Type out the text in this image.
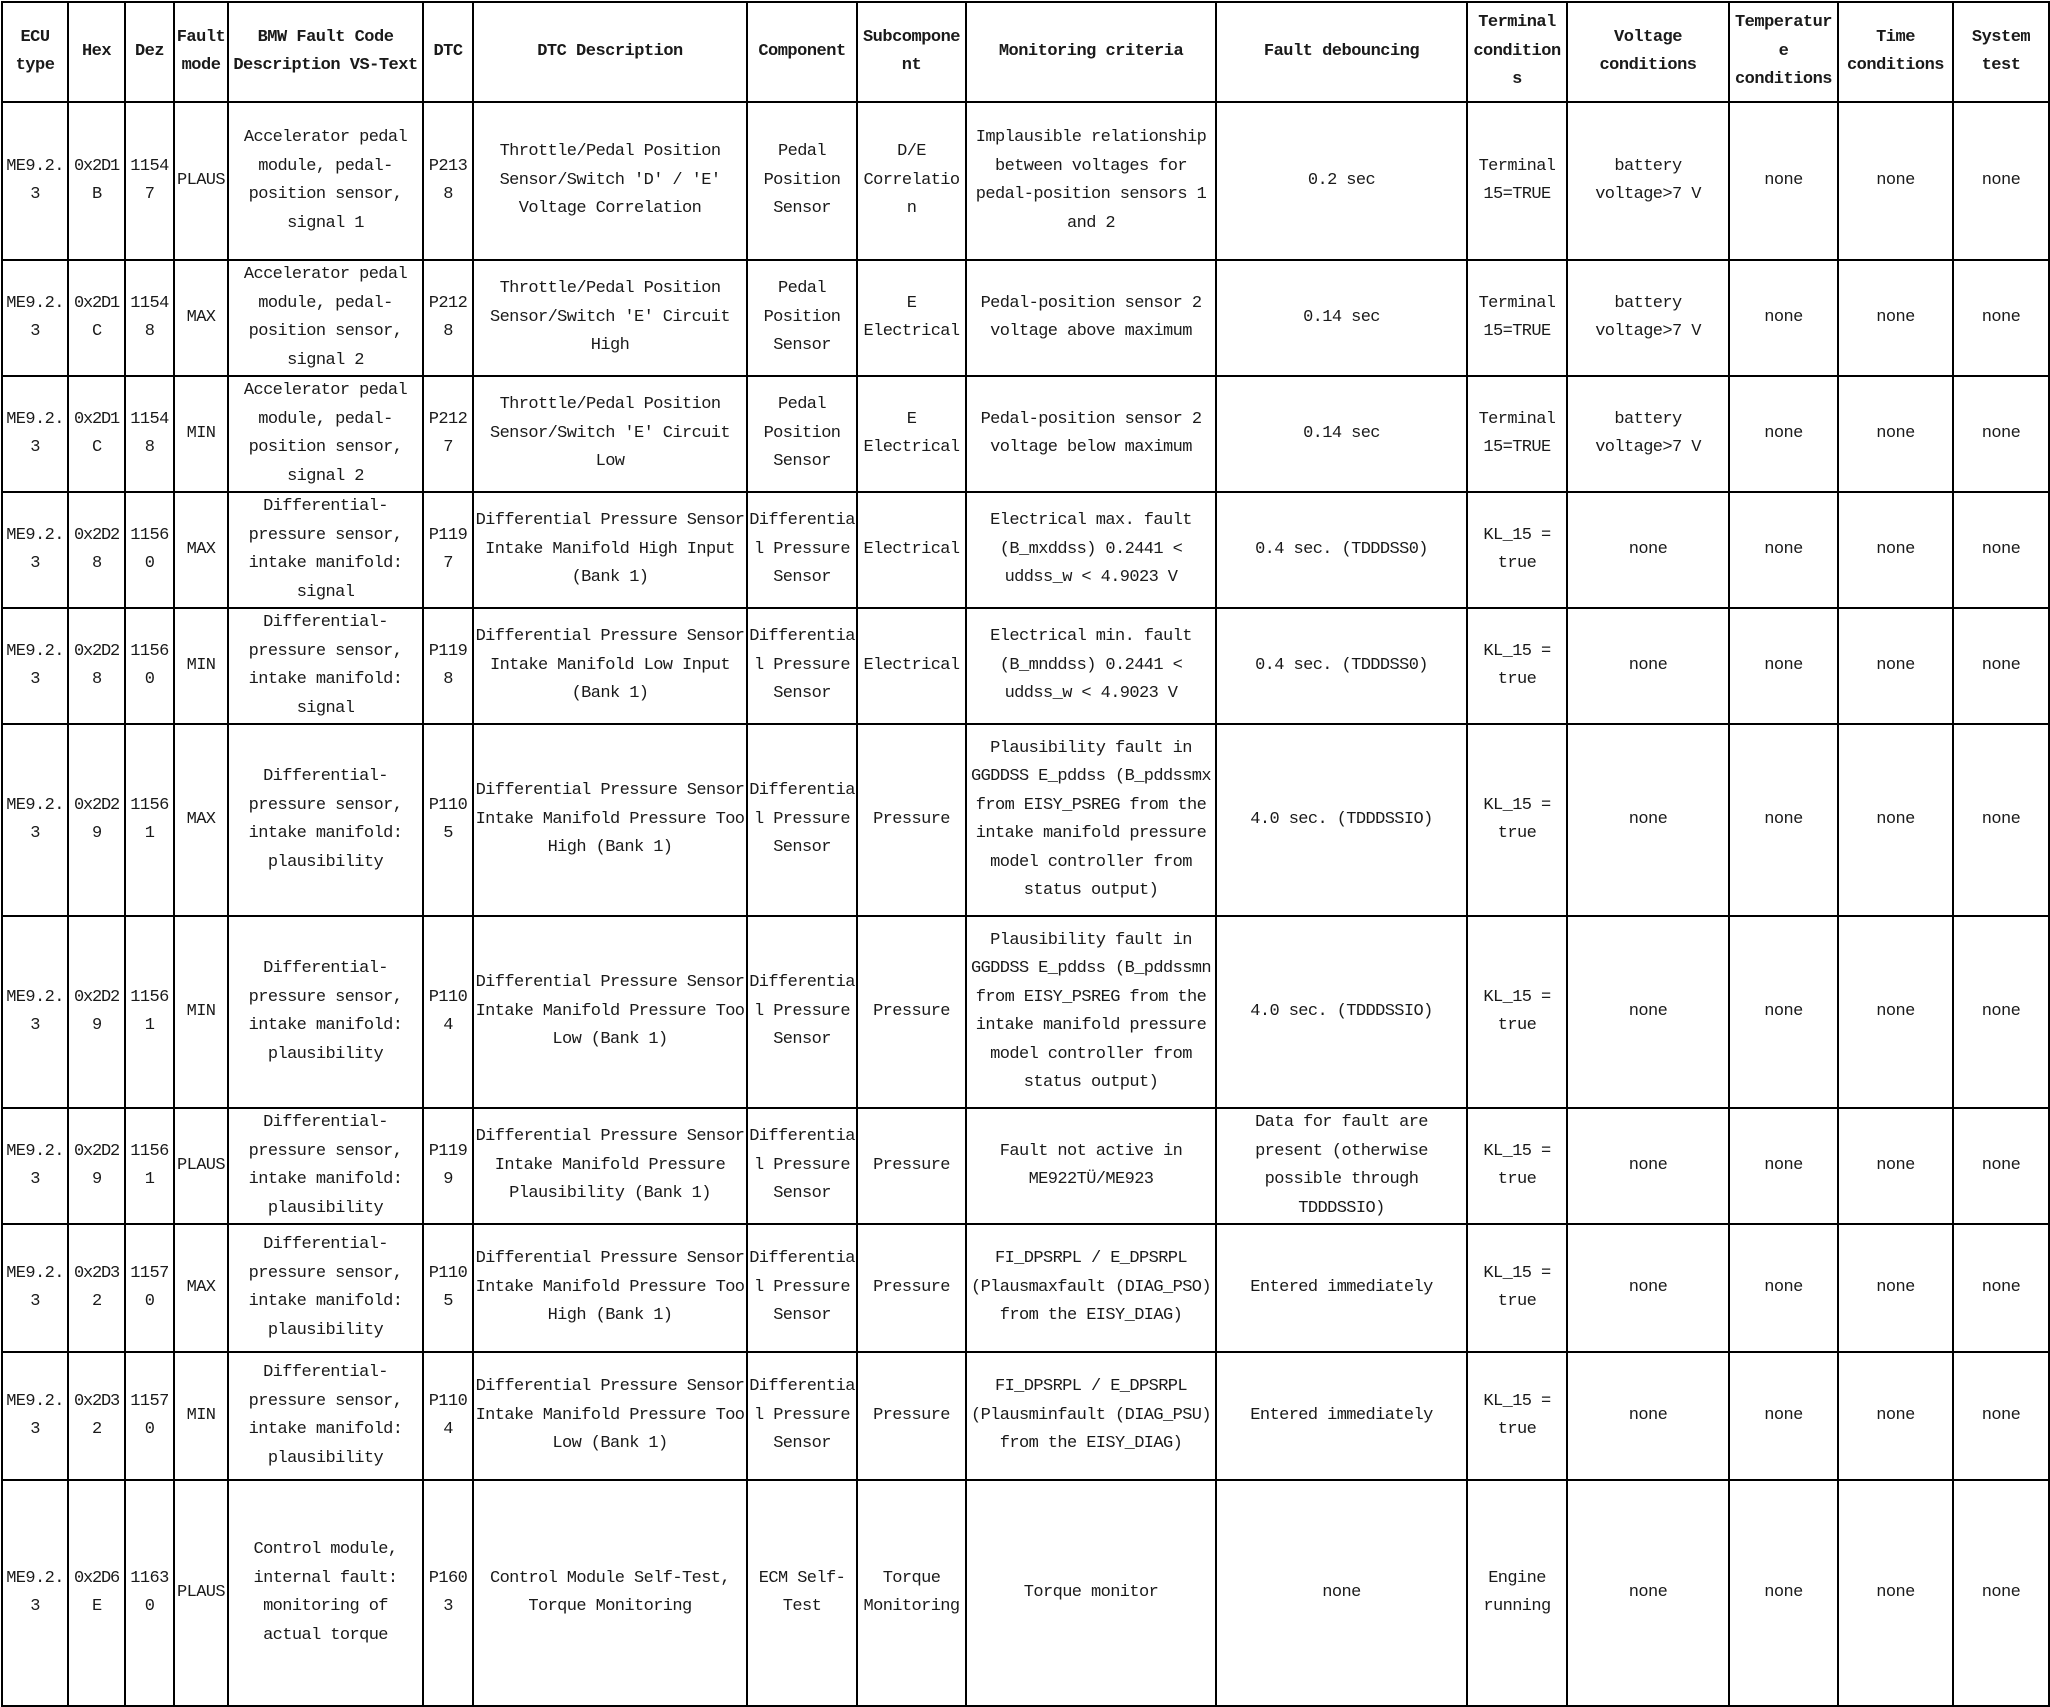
ECU type	Hex	Dez	Fault mode	BMW Fault Code Description VS-Text	DTC	DTC Description	Component	Subcomponent	Monitoring criteria	Fault debouncing	Terminal conditions	Voltage conditions	Temperature conditions	Time conditions	System test
ME9.2.3	0x2D1B	11547	PLAUS	Accelerator pedal module, pedal-position sensor, signal 1	P2138	Throttle/Pedal Position Sensor/Switch 'D' / 'E' Voltage Correlation	Pedal Position Sensor	D/E Correlation	Implausible relationship between voltages for pedal-position sensors 1 and 2	0.2 sec	Terminal 15=TRUE	battery voltage>7 V	none	none	none
ME9.2.3	0x2D1C	11548	MAX	Accelerator pedal module, pedal-position sensor, signal 2	P2128	Throttle/Pedal Position Sensor/Switch 'E' Circuit High	Pedal Position Sensor	E Electrical	Pedal-position sensor 2 voltage above maximum	0.14 sec	Terminal 15=TRUE	battery voltage>7 V	none	none	none
ME9.2.3	0x2D1C	11548	MIN	Accelerator pedal module, pedal-position sensor, signal 2	P2127	Throttle/Pedal Position Sensor/Switch 'E' Circuit Low	Pedal Position Sensor	E Electrical	Pedal-position sensor 2 voltage below maximum	0.14 sec	Terminal 15=TRUE	battery voltage>7 V	none	none	none
ME9.2.3	0x2D28	11560	MAX	Differential-pressure sensor, intake manifold: signal	P1197	Differential Pressure Sensor Intake Manifold High Input (Bank 1)	Differential Pressure Sensor	Electrical	Electrical max. fault (B_mxddss) 0.2441 < uddss_w < 4.9023 V	0.4 sec. (TDDDSS0)	KL_15 = true	none	none	none	none
ME9.2.3	0x2D28	11560	MIN	Differential-pressure sensor, intake manifold: signal	P1198	Differential Pressure Sensor Intake Manifold Low Input (Bank 1)	Differential Pressure Sensor	Electrical	Electrical min. fault (B_mnddss) 0.2441 < uddss_w < 4.9023 V	0.4 sec. (TDDDSS0)	KL_15 = true	none	none	none	none
ME9.2.3	0x2D29	11561	MAX	Differential-pressure sensor, intake manifold: plausibility	P1105	Differential Pressure Sensor Intake Manifold Pressure Too High (Bank 1)	Differential Pressure Sensor	Pressure	Plausibility fault in GGDDSS E_pddss (B_pddssmx from EISY_PSREG from the intake manifold pressure model controller from status output)	4.0 sec. (TDDDSSIO)	KL_15 = true	none	none	none	none
ME9.2.3	0x2D29	11561	MIN	Differential-pressure sensor, intake manifold: plausibility	P1104	Differential Pressure Sensor Intake Manifold Pressure Too Low (Bank 1)	Differential Pressure Sensor	Pressure	Plausibility fault in GGDDSS E_pddss (B_pddssmn from EISY_PSREG from the intake manifold pressure model controller from status output)	4.0 sec. (TDDDSSIO)	KL_15 = true	none	none	none	none
ME9.2.3	0x2D29	11561	PLAUS	Differential-pressure sensor, intake manifold: plausibility	P1199	Differential Pressure Sensor Intake Manifold Pressure Plausibility (Bank 1)	Differential Pressure Sensor	Pressure	Fault not active in ME922TÜ/ME923	Data for fault are present (otherwise possible through TDDDSSIO)	KL_15 = true	none	none	none	none
ME9.2.3	0x2D32	11570	MAX	Differential-pressure sensor, intake manifold: plausibility	P1105	Differential Pressure Sensor Intake Manifold Pressure Too High (Bank 1)	Differential Pressure Sensor	Pressure	FI_DPSRPL / E_DPSRPL (Plausmaxfault (DIAG_PSO) from the EISY_DIAG)	Entered immediately	KL_15 = true	none	none	none	none
ME9.2.3	0x2D32	11570	MIN	Differential-pressure sensor, intake manifold: plausibility	P1104	Differential Pressure Sensor Intake Manifold Pressure Too Low (Bank 1)	Differential Pressure Sensor	Pressure	FI_DPSRPL / E_DPSRPL (Plausminfault (DIAG_PSU) from the EISY_DIAG)	Entered immediately	KL_15 = true	none	none	none	none
ME9.2.3	0x2D6E	11630	PLAUS	Control module, internal fault: monitoring of actual torque	P1603	Control Module Self-Test, Torque Monitoring	ECM Self-Test	Torque Monitoring	Torque monitor	none	Engine running	none	none	none	none
